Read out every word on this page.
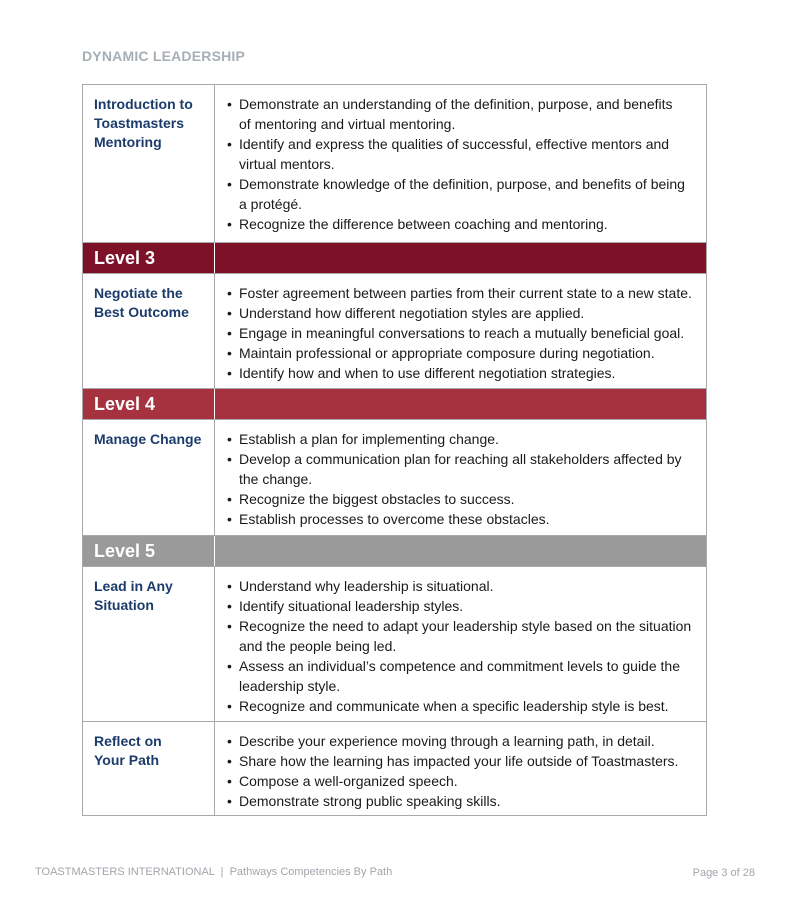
DYNAMIC LEADERSHIP
Introduction to
Toastmasters
Mentoring
• Demonstrate an understanding of the definition, purpose, and benefits
of mentoring and virtual mentoring.
• Identify and express the qualities of successful, effective mentors and
virtual mentors.
• Demonstrate knowledge of the definition, purpose, and benefits of being
a protégé.
• Recognize the difference between coaching and mentoring.
Level 3
Negotiate the
Best Outcome
• Foster agreement between parties from their current state to a new state.
• Understand how different negotiation styles are applied.
• Engage in meaningful conversations to reach a mutually beneficial goal.
• Maintain professional or appropriate composure during negotiation.
• Identify how and when to use different negotiation strategies.
Level 4
Manage Change
•	Establish a plan for implementing change.
• Develop a communication plan for reaching all stakeholders affected by
the change.
• Recognize the biggest obstacles to success.
• Establish processes to overcome these obstacles.
Level 5
Lead in Any
Situation
• Understand why leadership is situational.
• Identify situational leadership styles.
• Recognize the need to adapt your leadership style based on the situation
and the people being led.
• Assess an individual’s competence and commitment levels to guide the
leadership style.
• Recognize and communicate when a specific leadership style is best.
Reflect on
Your Path
• Describe your experience moving through a learning path, in detail.
• Share how the learning has impacted your life outside of Toastmasters.
• Compose a well-organized speech.
• Demonstrate strong public speaking skills.
TOASTMASTERS INTERNATIONAL  |  Pathways Competencies By Path	Page 3 of 28
